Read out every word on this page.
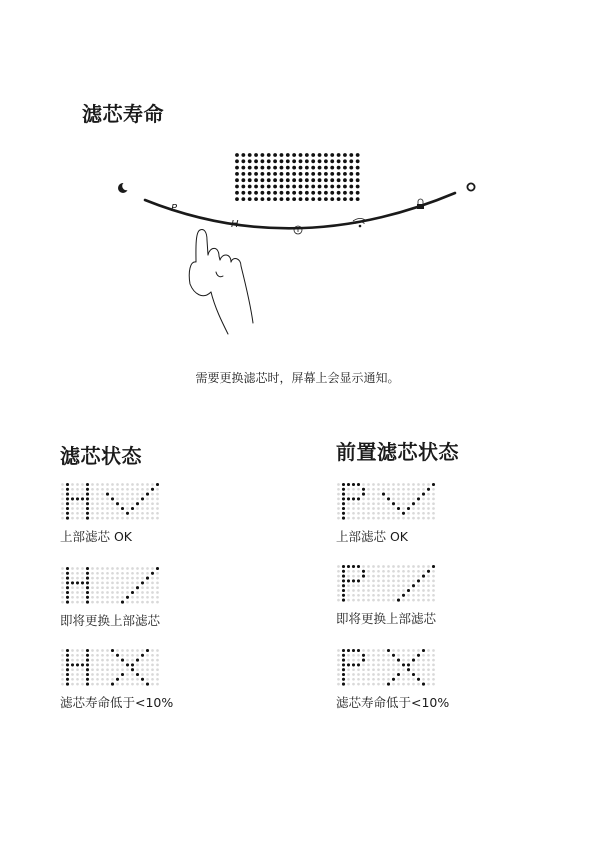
滤芯寿命
P
H
需要更换滤芯时，屏幕上会显示通知。
滤芯状态
上部滤芯 OK
即将更换上部滤芯
滤芯寿命低于<10%
前置滤芯状态
上部滤芯 OK
即将更换上部滤芯
滤芯寿命低于<10%
